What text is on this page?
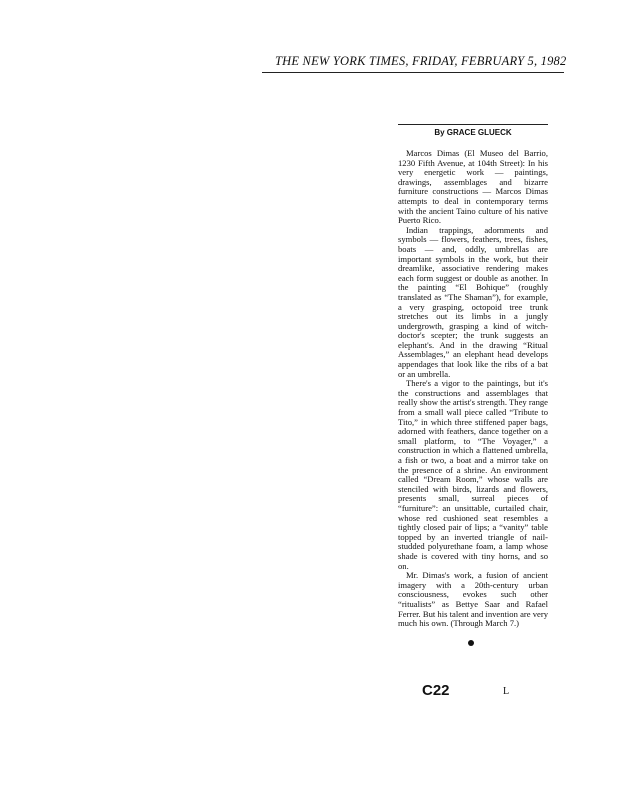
THE NEW YORK TIMES, FRIDAY, FEBRUARY 5, 1982
By GRACE GLUECK

Marcos Dimas (El Museo del Barrio, 1230 Fifth Avenue, at 104th Street): In his very energetic work — paintings, drawings, assemblages and bizarre furniture constructions — Marcos Dimas attempts to deal in contemporary terms with the ancient Taino culture of his native Puerto Rico.

Indian trappings, adornments and symbols — flowers, feathers, trees, fishes, boats — and, oddly, umbrellas are important symbols in the work, but their dreamlike, associative rendering makes each form suggest or double as another. In the painting “El Bohique” (roughly translated as “The Shaman”), for example, a very grasping, octopoid tree trunk stretches out its limbs in a jungly undergrowth, grasping a kind of witch-doctor's scepter; the trunk suggests an elephant's. And in the drawing “Ritual Assemblages,” an elephant head develops appendages that look like the ribs of a bat or an umbrella.

There's a vigor to the paintings, but it's the constructions and assemblages that really show the artist's strength. They range from a small wall piece called “Tribute to Tito,” in which three stiffened paper bags, adorned with feathers, dance together on a small platform, to “The Voyager,” a construction in which a flattened umbrella, a fish or two, a boat and a mirror take on the presence of a shrine. An environment called “Dream Room,” whose walls are stenciled with birds, lizards and flowers, presents small, surreal pieces of “furniture”: an unsittable, curtailed chair, whose red cushioned seat resembles a tightly closed pair of lips; a “vanity” table topped by an inverted triangle of nail-studded polyurethane foam, a lamp whose shade is covered with tiny horns, and so on.

Mr. Dimas's work, a fusion of ancient imagery with a 20th-century urban consciousness, evokes such other “ritualists” as Bettye Saar and Rafael Ferrer. But his talent and invention are very much his own. (Through March 7.)

C22	L
